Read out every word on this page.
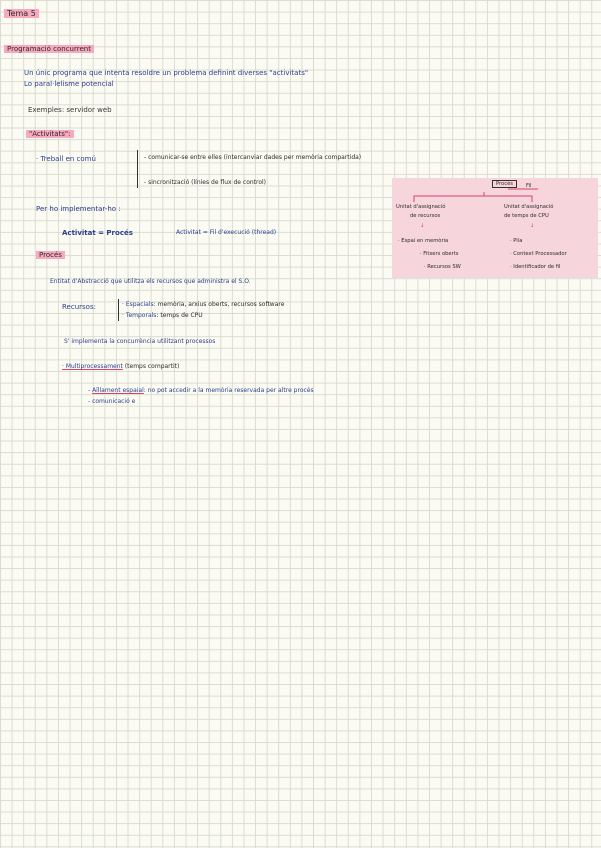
Tema 5
Programació concurrent
Un únic programa que intenta resoldre un problema definint diverses "activitats"
Lo paral·lelisme potencial
Exemples: servidor web
"Activitats":
· Treball en comú	- comunicar-se entre elles (intercanviar dades per memòria compartida)
- sincronització (línies de flux de control)
Per ho implementar-ho :
Activitat = Procés	Activitat = Fil d'execució (thread)
Procés	Fil
Unitat d'assignació
de recursos
↓
· Espai en memòria
· Fitxers oberts
· Recursos SW
Unitat d'assignació
de temps de CPU
↓
· Pila
· Context Processador
· Identificador de fil
Procés
Entitat d'Abstracció que utilitza els recursos que administra el S.O.
Recursos:	· Espacials: memòria, arxius oberts, recursos software
· Temporals: temps de CPU
S' implementa la concurrència utilitzant processos
· Multiprocessament (temps compartit)
- Aïllament espaial: no pot accedir a la memòria reservada per altre procés
- comunicació e
